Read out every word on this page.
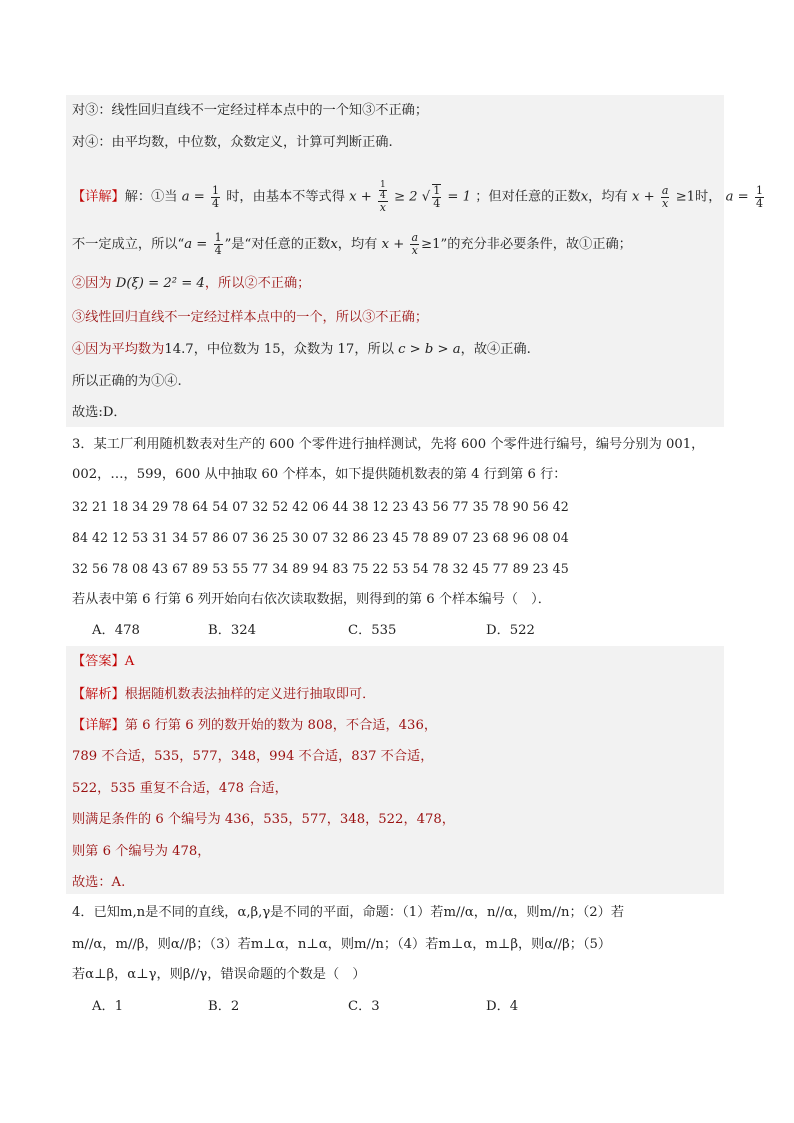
对③：线性回归直线不一定经过样本点中的一个知③不正确；
对④：由平均数，中位数，众数定义，计算可判断正确.
【详解】解：①当 $a = \frac{1}{4}$ 时，由基本不等式得 x + 1
4
x ≥ 2 √ $\frac{1}{4} = 1$ ；但对任意的正数x，均有 $x + \frac{a}{x} \ge 1$时， $a = \frac{1}{4}$
不一定成立，所以“$a = \frac{1}{4}$ ”是“对任意的正数x，均有 $x + \frac{a}{x} \ge 1$”的充分非必要条件，故①正确；
②因为 D(ξ) = 2² = 4，所以②不正确；
③线性回归直线不一定经过样本点中的一个，所以③不正确；
④因为平均数为14.7，中位数为 15，众数为 17，所以 c > b > a，故④正确.
所以正确的为①④.
故选:D．
3．某工厂利用随机数表对生产的 600 个零件进行抽样测试，先将 600 个零件进行编号，编号分别为 001，
002，…，599，600 从中抽取 60 个样本，如下提供随机数表的第 4 行到第 6 行：
32 21 18 34 29 78 64 54 07 32 52 42 06 44 38 12 23 43 56 77 35 78 90 56 42
84 42 12 53 31 34 57 86 07 36 25 30 07 32 86 23 45 78 89 07 23 68 96 08 04
32 56 78 08 43 67 89 53 55 77 34 89 94 83 75 22 53 54 78 32 45 77 89 23 45
若从表中第 6 行第 6 列开始向右依次读取数据，则得到的第 6 个样本编号（　）．
A．478	B．324	C．535	D．522
【答案】A
【解析】根据随机数表法抽样的定义进行抽取即可．
【详解】第 6 行第 6 列的数开始的数为 808，不合适，436，
789 不合适，535，577，348，994 不合适，837 不合适，
522，535 重复不合适，478 合适，
则满足条件的 6 个编号为 436，535，577，348，522，478，
则第 6 个编号为 478，
故选：A.
4．已知m,n是不同的直线，α,β,γ是不同的平面，命题：（1）若m//α，n//α，则m//n；（2）若
m//α，m//β，则α//β；（3）若m⊥α，n⊥α，则m//n；（4）若m⊥α，m⊥β，则α//β；（5）
若α⊥β，α⊥γ，则β//γ，错误命题的个数是（　）
A．1	B．2	C．3	D．4
